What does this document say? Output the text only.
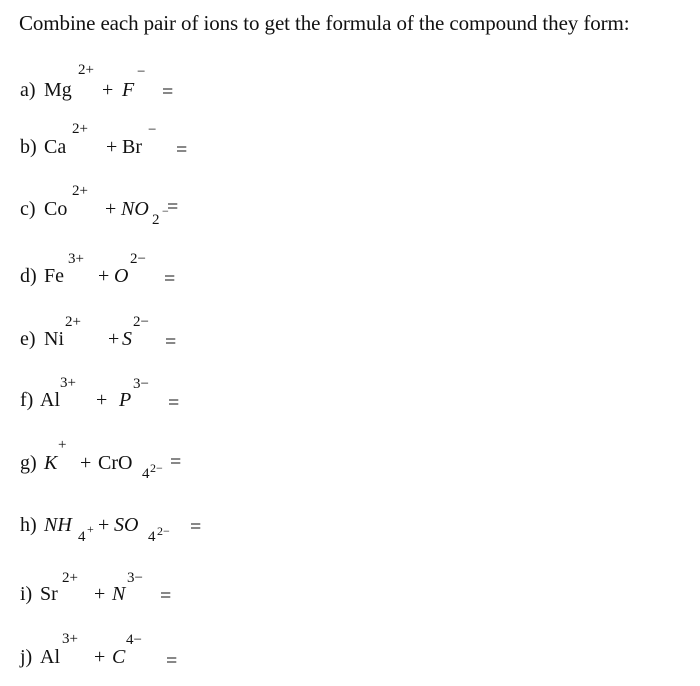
Combine each pair of ions to get the formula of the compound they form:
a) Mg
2+
+ F
−
=
b) Ca
2+
+ Br
−
=
c) Co
2+
+ NO 2
−
=
d) Fe
3+
+ O
2−
=
e) Ni
2+
+ S
2−
=
f) Al
3+
+ P
3−
=
g) K
+
+ CrO 4 2− =
h) NH
4 + + SO
4 2− =
i) Sr
2+
+ N
3−
=
j) Al
3+
+ C
4−
=
